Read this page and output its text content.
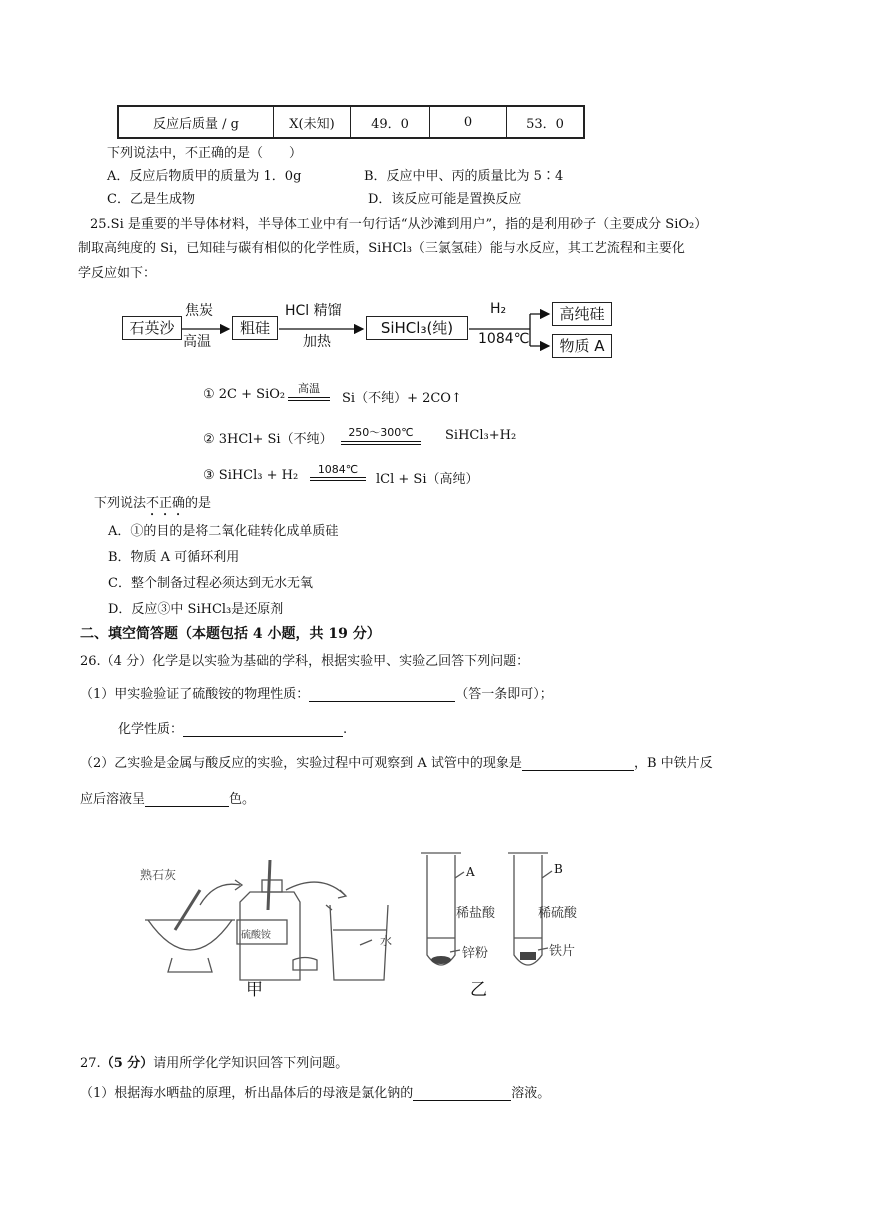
反应后质量 / g	X(未知)	49．0	0	53．0
下列说法中，不正确的是（　　）
A．反应后物质甲的质量为 1．0g	B．反应中甲、丙的质量比为 5∶4
C．乙是生成物	D．该反应可能是置换反应
25.Si 是重要的半导体材料，半导体工业中有一句行话“从沙滩到用户”，指的是利用砂子（主要成分 SiO₂）
制取高纯度的 Si，已知硅与碳有相似的化学性质，SiHCl₃（三氯氢硅）能与水反应，其工艺流程和主要化
学反应如下：
石英沙
焦炭
高温
粗硅
HCl 精馏
加热
SiHCl₃(纯)
H₂
1084℃
高纯硅
物质 A
① 2C + SiO₂	高温
Si（不纯）+ 2CO↑
② 3HCl+ Si（不纯）	250～300℃	SiHCl₃+H₂
③ SiHCl₃ + H₂	1084℃
lCl + Si（高纯）
下列说法不正确的是
A．①的目的是将二氧化硅转化成单质硅
B．物质 A 可循环利用
C．整个制备过程必须达到无水无氧
D．反应③中 SiHCl₃是还原剂
二、填空简答题（本题包括 4 小题，共 19 分）
26.（4 分）化学是以实验为基础的学科，根据实验甲、实验乙回答下列问题：
（1）甲实验验证了硫酸铵的物理性质：	（答一条即可）；
化学性质：	.
（2）乙实验是金属与酸反应的实验，实验过程中可观察到 A 试管中的现象是	，B 中铁片反
应后溶液呈	色。
熟石灰
硫酸铵	水
甲
A	B
稀盐酸	稀硫酸
锌粉	铁片
乙
27.（5 分）请用所学化学知识回答下列问题。
（1）根据海水晒盐的原理，析出晶体后的母液是氯化钠的	溶液。
